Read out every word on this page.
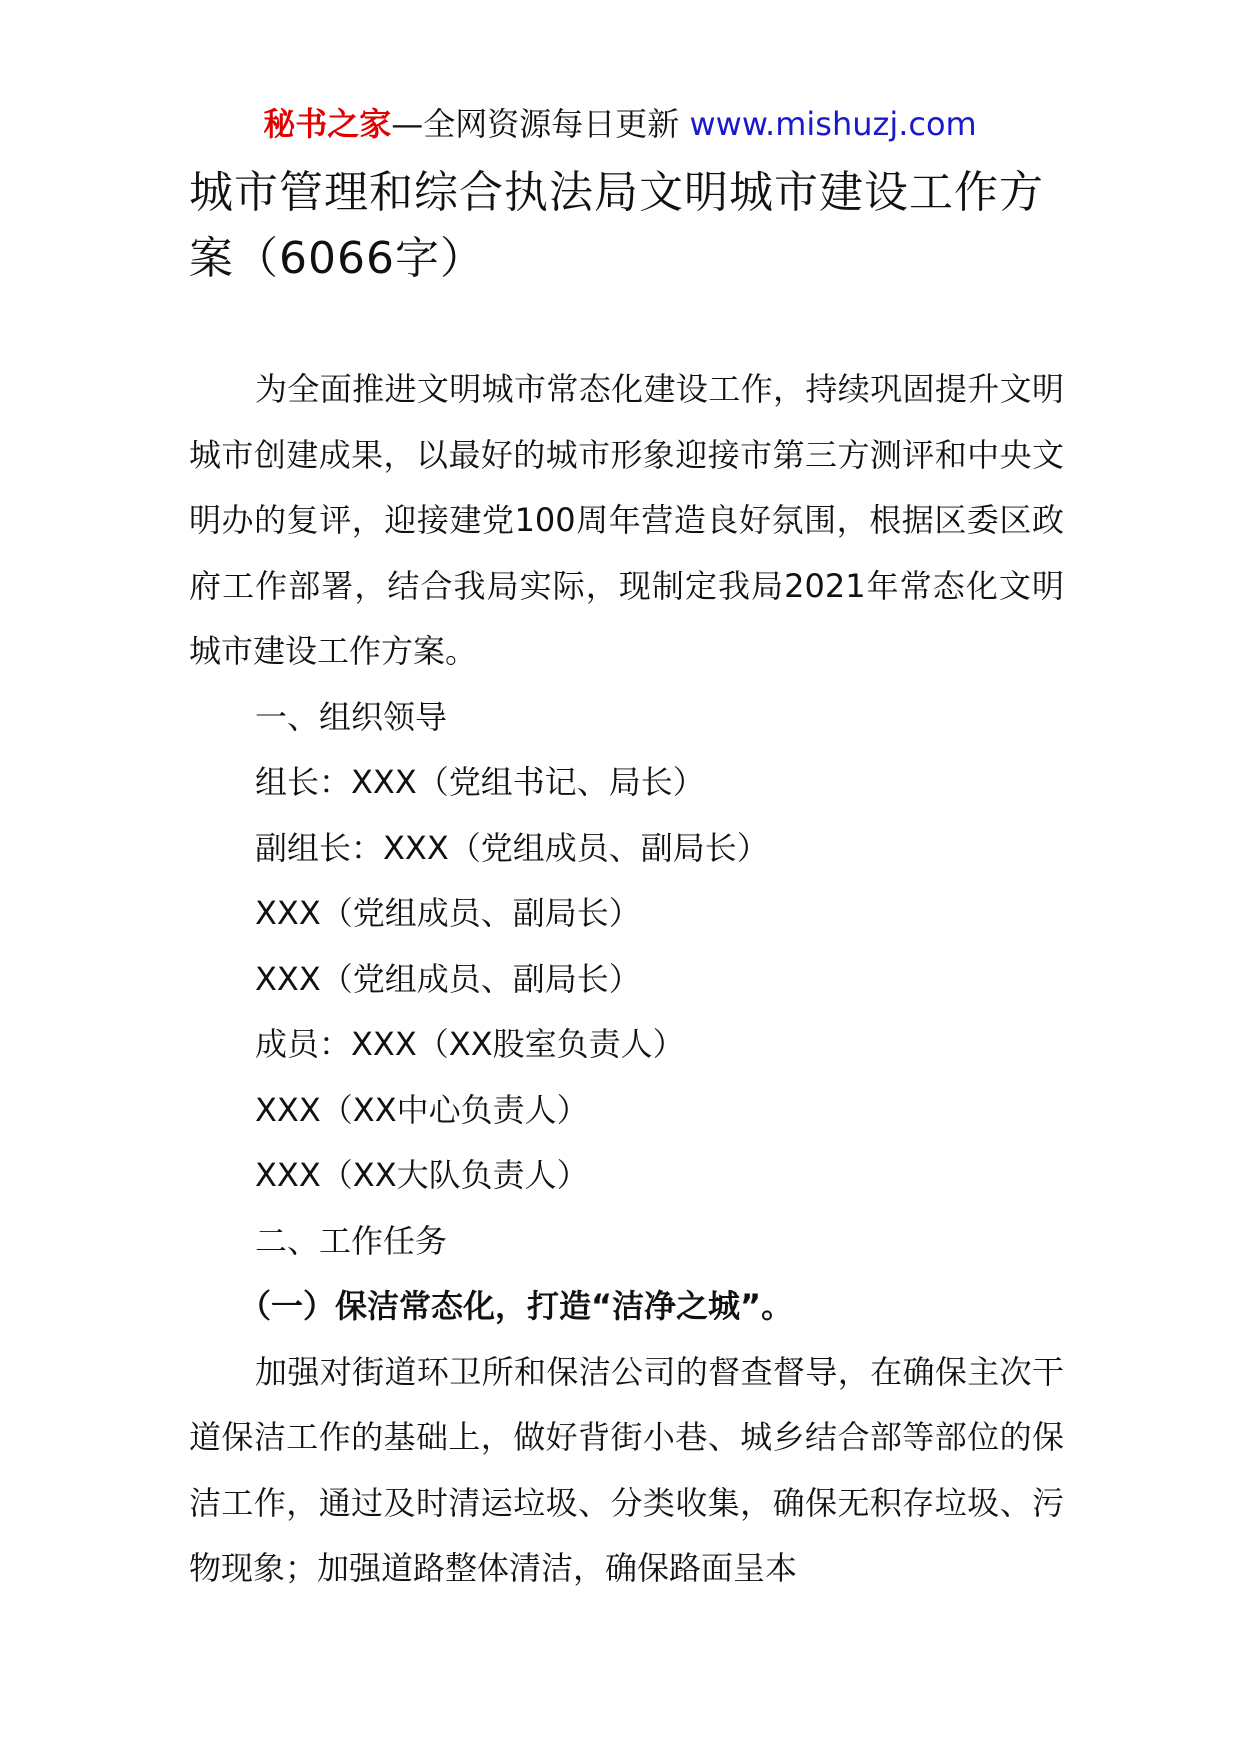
秘书之家—全网资源每日更新 www.mishuzj.com
城市管理和综合执法局文明城市建设工作方案（6066字）

为全面推进文明城市常态化建设工作，持续巩固提升文明城市创建成果，以最好的城市形象迎接市第三方测评和中央文明办的复评，迎接建党100周年营造良好氛围，根据区委区政府工作部署，结合我局实际，现制定我局2021年常态化文明城市建设工作方案。

一、组织领导

组长：XXX（党组书记、局长）

副组长：XXX（党组成员、副局长）

XXX（党组成员、副局长）

XXX（党组成员、副局长）

成员：XXX（XX股室负责人）

XXX（XX中心负责人）

XXX（XX大队负责人）

二、工作任务

（一）保洁常态化，打造“洁净之城”。

加强对街道环卫所和保洁公司的督查督导，在确保主次干道保洁工作的基础上，做好背街小巷、城乡结合部等部位的保洁工作，通过及时清运垃圾、分类收集，确保无积存垃圾、污物现象；加强道路整体清洁，确保路面呈本
